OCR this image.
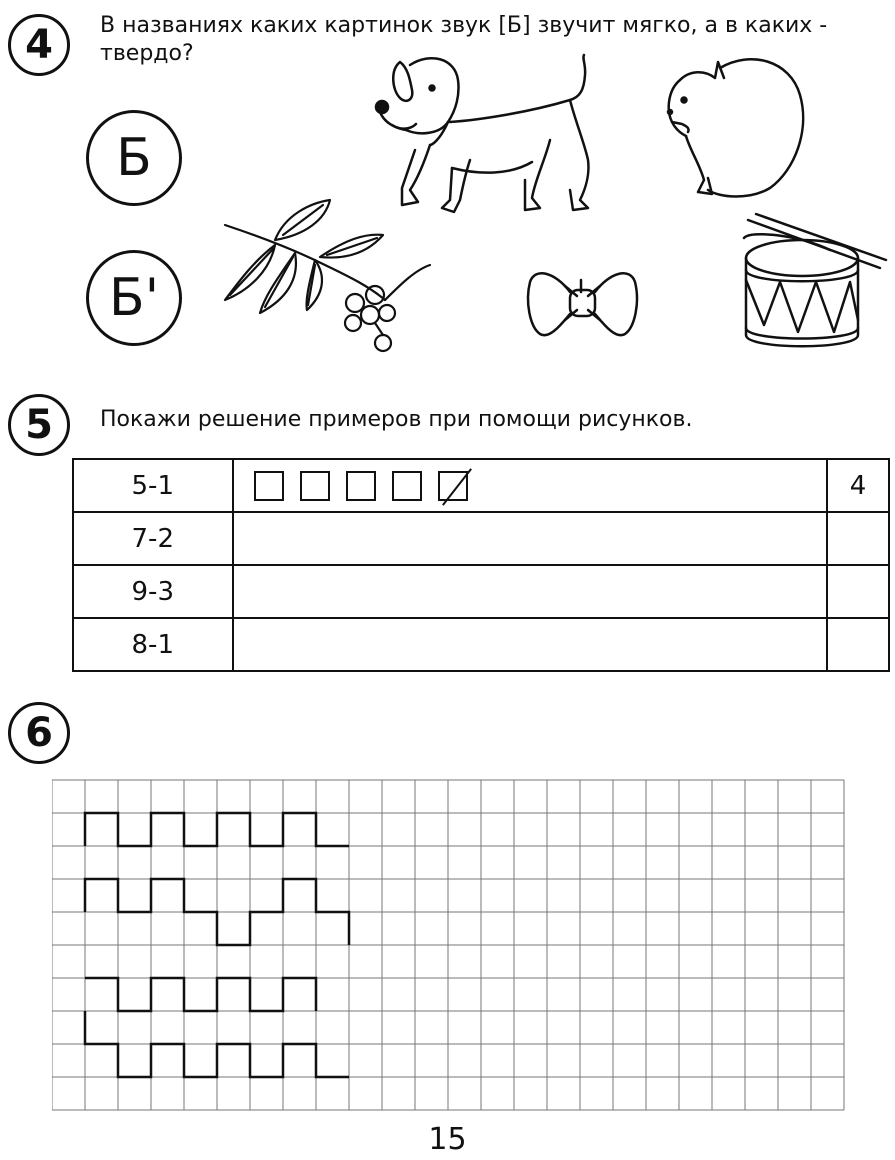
4 В названиях каких картинок звук [Б] звучит мягко, а в каких - твердо?
Б
Б'
5 Покажи решение примеров при помощи рисунков.
5-1		4
7-2		
9-3		
8-1		
6
15
